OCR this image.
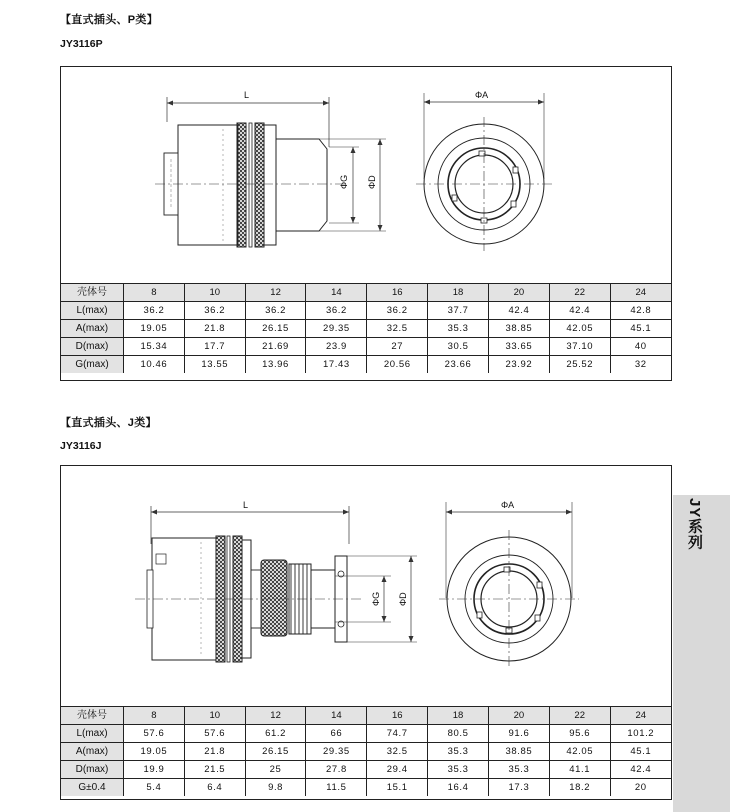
【直式插头、P类】
JY3116P
L
ΦG ΦD
ΦA
壳体号	8	10	12	14	16	18	20	22	24
L(max)	36.2	36.2	36.2	36.2	36.2	37.7	42.4	42.4	42.8
A(max)	19.05	21.8	26.15	29.35	32.5	35.3	38.85	42.05	45.1
D(max)	15.34	17.7	21.69	23.9	27	30.5	33.65	37.10	40
G(max)	10.46	13.55	13.96	17.43	20.56	23.66	23.92	25.52	32
【直式插头、J类】
JY3116J
L
ΦG ΦD
ΦA
壳体号	8	10	12	14	16	18	20	22	24
L(max)	57.6	57.6	61.2	66	74.7	80.5	91.6	95.6	101.2
A(max)	19.05	21.8	26.15	29.35	32.5	35.3	38.85	42.05	45.1
D(max)	19.9	21.5	25	27.8	29.4	35.3	35.3	41.1	42.4
G±0.4	5.4	6.4	9.8	11.5	15.1	16.4	17.3	18.2	20
JY系列
